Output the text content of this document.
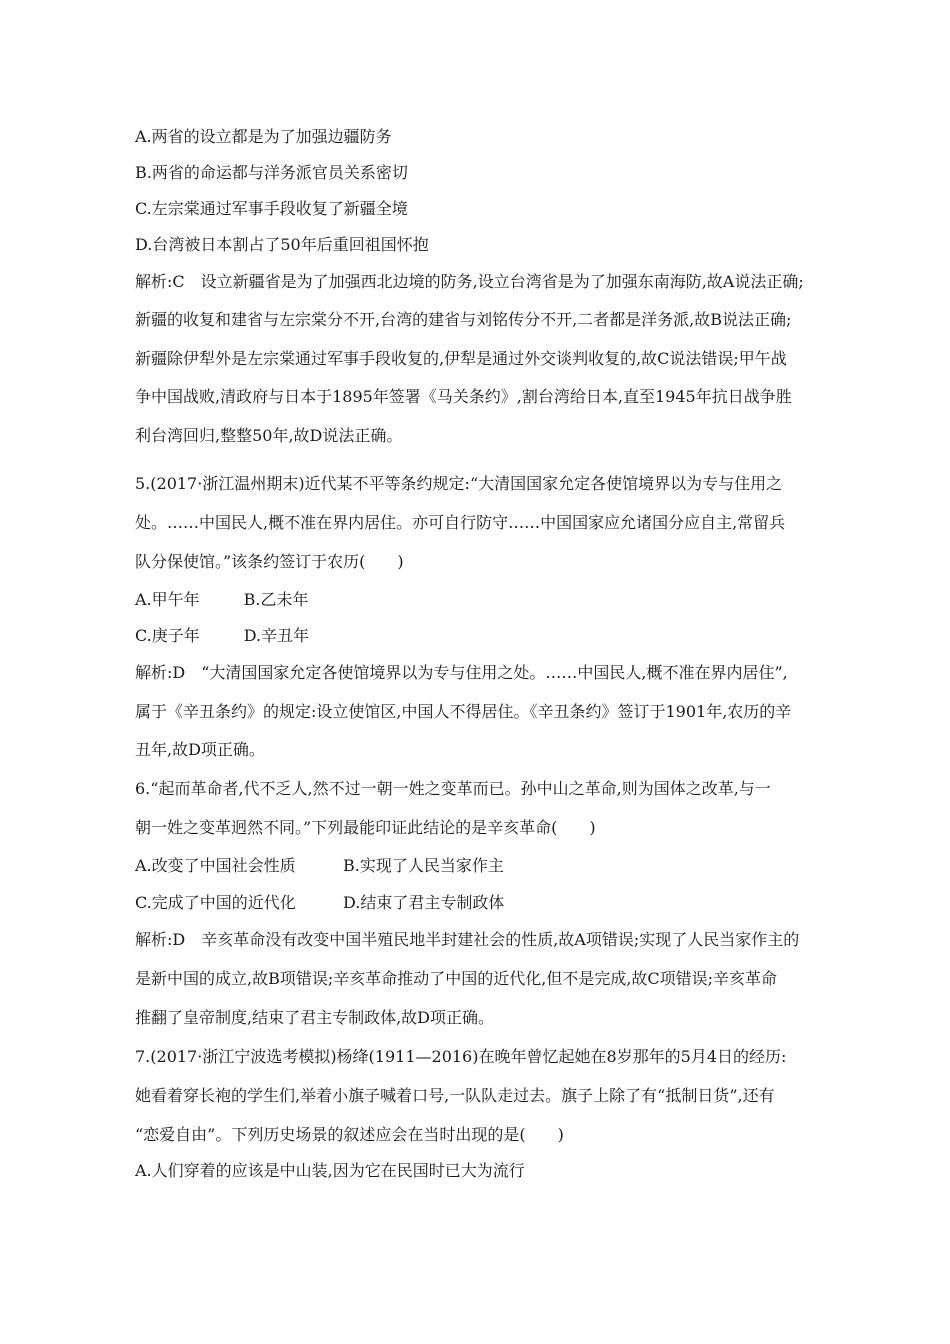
A.两省的设立都是为了加强边疆防务
B.两省的命运都与洋务派官员关系密切
C.左宗棠通过军事手段收复了新疆全境
D.台湾被日本割占了50年后重回祖国怀抱
解析:C　设立新疆省是为了加强西北边境的防务,设立台湾省是为了加强东南海防,故A说法正确;
新疆的收复和建省与左宗棠分不开,台湾的建省与刘铭传分不开,二者都是洋务派,故B说法正确;
新疆除伊犁外是左宗棠通过军事手段收复的,伊犁是通过外交谈判收复的,故C说法错误;甲午战
争中国战败,清政府与日本于1895年签署《马关条约》,割台湾给日本,直至1945年抗日战争胜
利台湾回归,整整50年,故D说法正确。
5.(2017·浙江温州期末)近代某不平等条约规定:“大清国国家允定各使馆境界以为专与住用之
处。……中国民人,概不准在界内居住。亦可自行防守……中国国家应允诸国分应自主,常留兵
队分保使馆。”该条约签订于农历(　　)
A.甲午年	B.乙未年
C.庚子年	D.辛丑年
解析:D　“大清国国家允定各使馆境界以为专与住用之处。……中国民人,概不准在界内居住”,
属于《辛丑条约》的规定:设立使馆区,中国人不得居住。《辛丑条约》签订于1901年,农历的辛
丑年,故D项正确。
6.“起而革命者,代不乏人,然不过一朝一姓之变革而已。孙中山之革命,则为国体之改革,与一
朝一姓之变革迥然不同。”下列最能印证此结论的是辛亥革命(　　)
A.改变了中国社会性质	B.实现了人民当家作主
C.完成了中国的近代化	D.结束了君主专制政体
解析:D　辛亥革命没有改变中国半殖民地半封建社会的性质,故A项错误;实现了人民当家作主的
是新中国的成立,故B项错误;辛亥革命推动了中国的近代化,但不是完成,故C项错误;辛亥革命
推翻了皇帝制度,结束了君主专制政体,故D项正确。
7.(2017·浙江宁波选考模拟)杨绛(1911—2016)在晚年曾忆起她在8岁那年的5月4日的经历:
她看着穿长袍的学生们,举着小旗子喊着口号,一队队走过去。旗子上除了有“抵制日货”,还有
“恋爱自由”。下列历史场景的叙述应会在当时出现的是(　　)
A.人们穿着的应该是中山装,因为它在民国时已大为流行
